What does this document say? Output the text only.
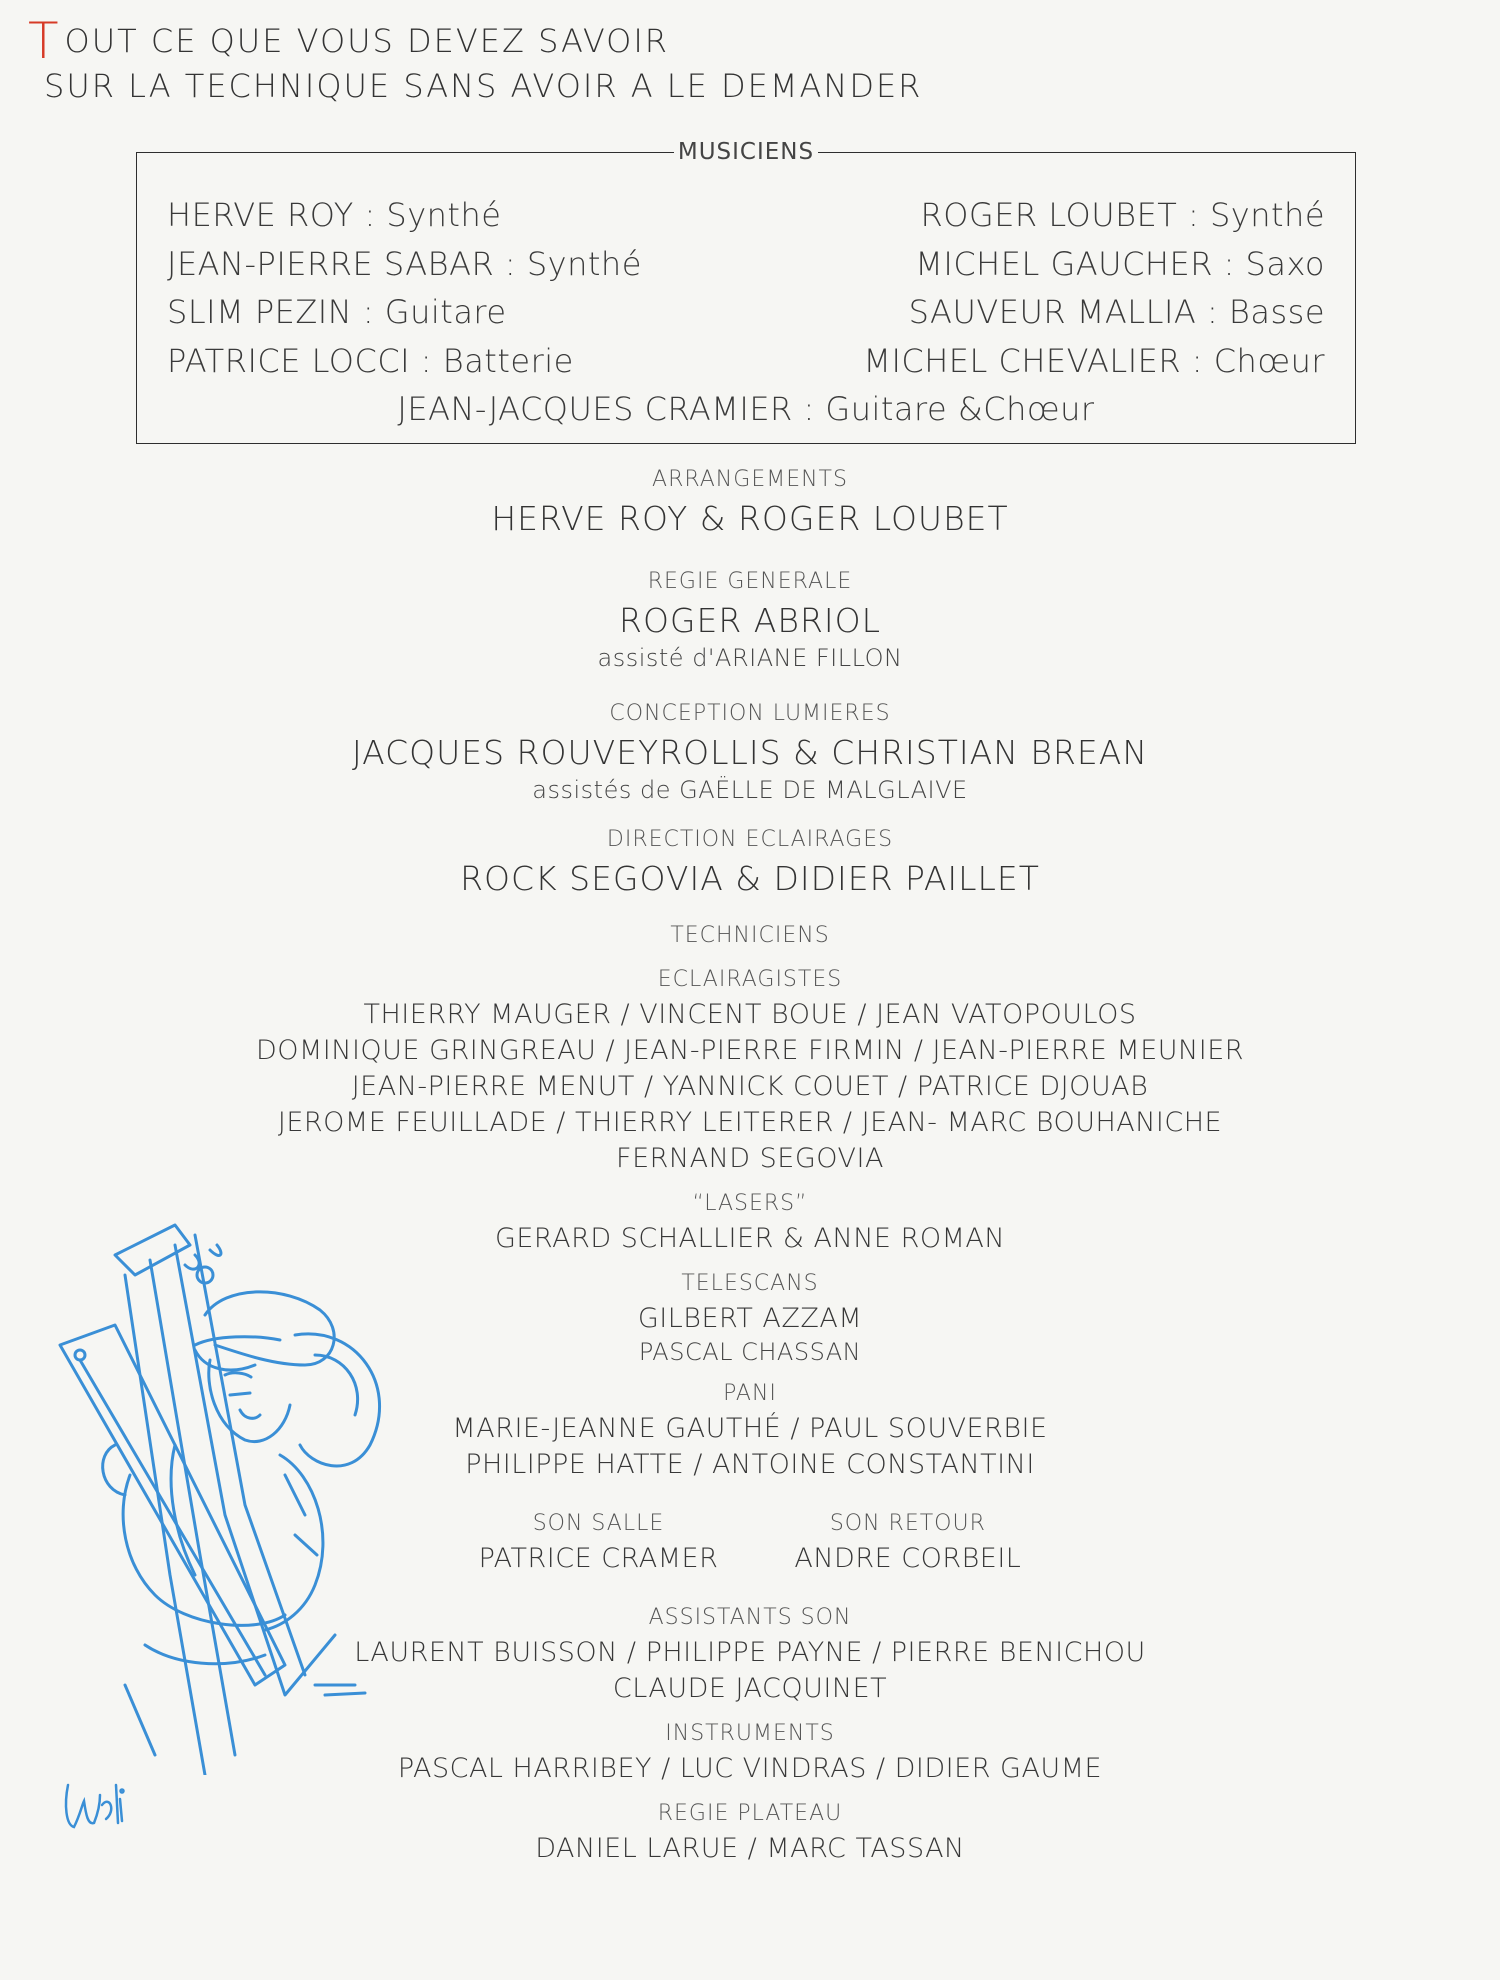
TOUT CE QUE VOUS DEVEZ SAVOIR
SUR LA TECHNIQUE SANS AVOIR A LE DEMANDER
MUSICIENS
HERVE ROY : Synthé
JEAN-PIERRE SABAR : Synthé
SLIM PEZIN : Guitare
PATRICE LOCCI : Batterie
ROGER LOUBET : Synthé
MICHEL GAUCHER : Saxo
SAUVEUR MALLIA : Basse
MICHEL CHEVALIER : Chœur
JEAN-JACQUES CRAMIER : Guitare &Chœur
ARRANGEMENTS
HERVE ROY & ROGER LOUBET
REGIE GENERALE
ROGER ABRIOL
assisté d'ARIANE FILLON
CONCEPTION LUMIERES
JACQUES ROUVEYROLLIS & CHRISTIAN BREAN
assistés de GAËLLE DE MALGLAIVE
DIRECTION ECLAIRAGES
ROCK SEGOVIA & DIDIER PAILLET
TECHNICIENS
ECLAIRAGISTES
THIERRY MAUGER / VINCENT BOUE / JEAN VATOPOULOS
DOMINIQUE GRINGREAU / JEAN-PIERRE FIRMIN / JEAN-PIERRE MEUNIER
JEAN-PIERRE MENUT / YANNICK COUET / PATRICE DJOUAB
JEROME FEUILLADE / THIERRY LEITERER / JEAN- MARC BOUHANICHE
FERNAND SEGOVIA
“LASERS”
GERARD SCHALLIER & ANNE ROMAN
TELESCANS
GILBERT AZZAM
PASCAL CHASSAN
PANI
MARIE-JEANNE GAUTHÉ / PAUL SOUVERBIE
PHILIPPE HATTE / ANTOINE CONSTANTINI
SON SALLE
PATRICE CRAMER
SON RETOUR
ANDRE CORBEIL
ASSISTANTS SON
LAURENT BUISSON / PHILIPPE PAYNE / PIERRE BENICHOU
CLAUDE JACQUINET
INSTRUMENTS
PASCAL HARRIBEY / LUC VINDRAS / DIDIER GAUME
REGIE PLATEAU
DANIEL LARUE / MARC TASSAN
